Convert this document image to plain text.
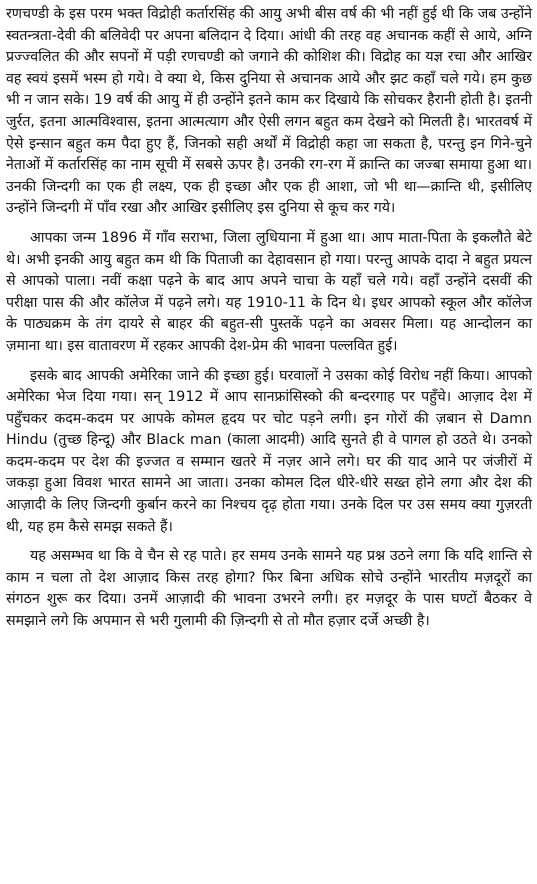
रणचण्डी के इस परम भक्त विद्रोही कर्तारसिंह की आयु अभी बीस वर्ष की भी नहीं हुई थी कि जब उन्होंने स्वतन्त्रता-देवी की बलिवेदी पर अपना बलिदान दे दिया। आंधी की तरह वह अचानक कहीं से आये, अग्नि प्रज्ज्वलित की और सपनों में पड़ी रणचण्डी को जगाने की कोशिश की। विद्रोह का यज्ञ रचा और आखिर वह स्वयं इसमें भस्म हो गये। वे क्या थे, किस दुनिया से अचानक आये और झट कहाँ चले गये। हम कुछ भी न जान सके। 19 वर्ष की आयु में ही उन्होंने इतने काम कर दिखाये कि सोचकर हैरानी होती है। इतनी जुर्रत, इतना आत्मविश्वास, इतना आत्मत्याग और ऐसी लगन बहुत कम देखने को मिलती है। भारतवर्ष में ऐसे इन्सान बहुत कम पैदा हुए हैं, जिनको सही अर्थों में विद्रोही कहा जा सकता है, परन्तु इन गिने-चुने नेताओं में कर्तारसिंह का नाम सूची में सबसे ऊपर है। उनकी रग-रग में क्रान्ति का जज्बा समाया हुआ था। उनकी जिन्दगी का एक ही लक्ष्य, एक ही इच्छा और एक ही आशा, जो भी था—क्रान्ति थी, इसीलिए उन्होंने जिन्दगी में पाँव रखा और आखिर इसीलिए इस दुनिया से कूच कर गये।

आपका जन्म 1896 में गाँव सराभा, जिला लुधियाना में हुआ था। आप माता-पिता के इकलौते बेटे थे। अभी इनकी आयु बहुत कम थी कि पिताजी का देहावसान हो गया। परन्तु आपके दादा ने बहुत प्रयत्न से आपको पाला। नवीं कक्षा पढ़ने के बाद आप अपने चाचा के यहाँ चले गये। वहाँ उन्होंने दसवीं की परीक्षा पास की और कॉलेज में पढ़ने लगे। यह 1910-11 के दिन थे। इधर आपको स्कूल और कॉलेज के पाठ्यक्रम के तंग दायरे से बाहर की बहुत-सी पुस्तकें पढ़ने का अवसर मिला। यह आन्दोलन का ज़माना था। इस वातावरण में रहकर आपकी देश-प्रेम की भावना पल्लवित हुई।

इसके बाद आपकी अमेरिका जाने की इच्छा हुई। घरवालों ने उसका कोई विरोध नहीं किया। आपको अमेरिका भेज दिया गया। सन् 1912 में आप सानफ्रांसिस्को की बन्दरगाह पर पहुँचे। आज़ाद देश में पहुँचकर कदम-कदम पर आपके कोमल हृदय पर चोट पड़ने लगी। इन गोरों की ज़बान से Damn Hindu (तुच्छ हिन्दू) और Black man (काला आदमी) आदि सुनते ही वे पागल हो उठते थे। उनको कदम-कदम पर देश की इज्जत व सम्मान खतरे में नज़र आने लगे। घर की याद आने पर जंजीरों में जकड़ा हुआ विवश भारत सामने आ जाता। उनका कोमल दिल धीरे-धीरे सख्त होने लगा और देश की आज़ादी के लिए जिन्दगी कुर्बान करने का निश्चय दृढ़ होता गया। उनके दिल पर उस समय क्या गुज़रती थी, यह हम कैसे समझ सकते हैं।

यह असम्भव था कि वे चैन से रह पाते। हर समय उनके सामने यह प्रश्न उठने लगा कि यदि शान्ति से काम न चला तो देश आज़ाद किस तरह होगा? फिर बिना अधिक सोचे उन्होंने भारतीय मज़दूरों का संगठन शुरू कर दिया। उनमें आज़ादी की भावना उभरने लगी। हर मज़दूर के पास घण्टों बैठकर वे समझाने लगे कि अपमान से भरी गुलामी की ज़िन्दगी से तो मौत हज़ार दर्जे अच्छी है।
